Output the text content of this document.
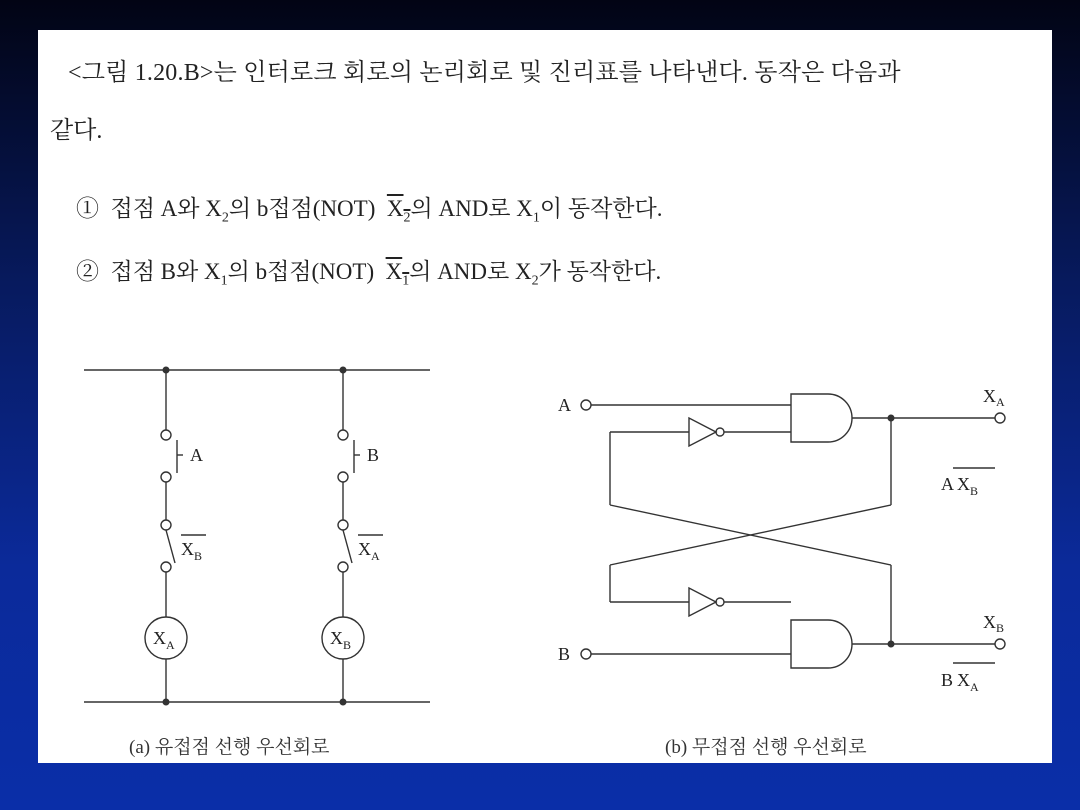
<그림 1.20.B>는 인터로크 회로의 논리회로 및 진리표를 나타낸다. 동작은 다음과
같다.
① 접점 A와 $X_2$의 b접점(NOT) $X_2$의 AND로 $X_1$이 동작한다.
② 접점 B와 $X_1$의 b접점(NOT) $X_1$의 AND로 $X_2$가 동작한다.
A	B
X B	X A
X A	X B
A
B
X A
A X B
X B
B X A
(a) 유접점 선행 우선회로	(b) 무접점 선행 우선회로
